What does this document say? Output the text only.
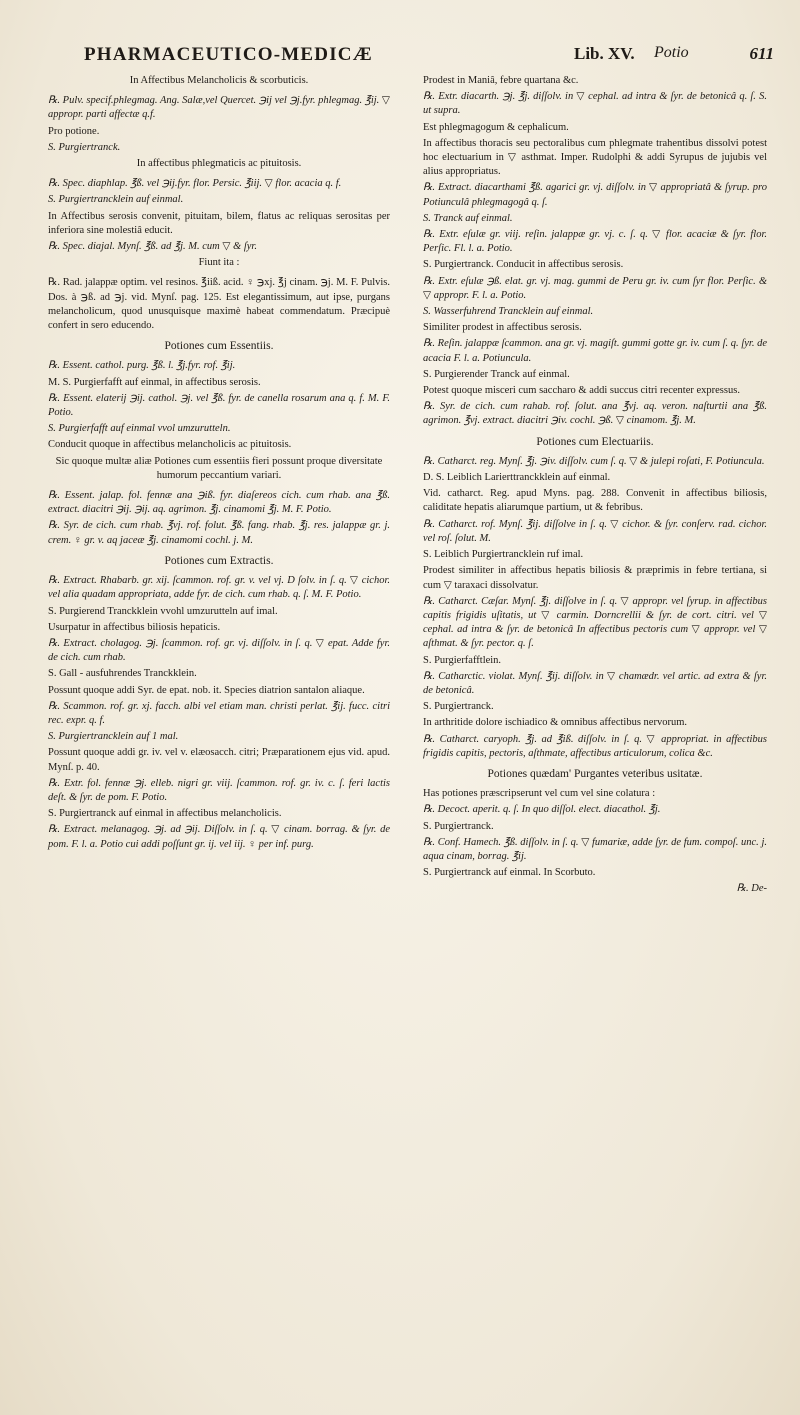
PHARMACEUTICO-MEDICÆ	Lib. XV. Potio	611

In Affectibus Melancholicis & scorbuticis.

℞. Pulv. specif.phlegmag. Ang. Salæ,vel Quercet. ℈ij vel ℈j.fyr. phlegmag. ℥ij. ▽ appropr. parti affectæ q.f.

Pro potione.

S. Purgiertranck.

In affectibus phlegmaticis ac pituitosis.

℞. Spec. diaphlap. ℥ß. vel ℈ij.fyr. flor. Persic. ℥iij. ▽ flor. acacia q. f.

S. Purgiertrancklein auf einmal.

In Affectibus serosis convenit, pituitam, bilem, flatus ac reliquas serositas per inferiora sine molestiâ educit.

℞. Spec. diajal. Mynſ. ℥ß. ad ℥j. M. cum ▽ & ſyr.

Fiunt ita :

℞. Rad. jalappæ optim. vel resinos. ℥iiß. acid. ♀ ℈xj. ℥j cinam. ℈j. M. F. Pulvis. Dos. à ℈ß. ad ℈j. vid. Mynſ. pag. 125. Est elegantissimum, aut ipse, purgans melancholicum, quod unusquisque maximè habeat commendatum. Præcipuè confert in sero educendo.

Potiones cum Essentiis.

℞. Essent. cathol. purg. ℥ß. l. ℥j.fyr. rof. ℥ij.

M. S. Purgierfafft auf einmal, in affectibus serosis.

℞. Essent. elaterij ℈ij. cathol. ℈j. vel ℥ß. fyr. de canella rosarum ana q. f. M. F. Potio.

S. Purgierfafft auf einmal vvol umzurutteln.

Conducit quoque in affectibus melancholicis ac pituitosis.

Sic quoque multæ aliæ Potiones cum essentiis fieri possunt proque diversitate humorum peccantium variari.

℞. Essent. jalap. fol. fennæ ana ℈iß. fyr. diaſereos cich. cum rhab. ana ℥ß. extract. diacitri ℈ij. ℈ij. aq. agrimon. ℥j. cinamomi ℥j. M. F. Potio.

℞. Syr. de cich. cum rhab. ℥vj. rof. folut. ℥ß. fang. rhab. ℥j. res. jalappæ gr. j. crem. ♀ gr. v. aq jaceæ ℥j. cinamomi cochl. j. M.

Potiones cum Extractis.

℞. Extract. Rhabarb. gr. xij. ſcammon. rof. gr. v. vel vj. D ſolv. in ſ. q. ▽ cichor. vel alia quadam appropriata, adde fyr. de cich. cum rhab. q. ſ. M. F. Potio.

S. Purgierend Tranckklein vvohl umzurutteln auf imal.

Usurpatur in affectibus biliosis hepaticis.

℞. Extract. cholagog. ℈j. ſcammon. rof. gr. vj. diſſolv. in ſ. q. ▽ epat. Adde fyr. de cich. cum rhab.

S. Gall - ausfuhrendes Tranckklein.

Possunt quoque addi Syr. de epat. nob. it. Species diatrion santalon aliaque.

℞. Scammon. rof. gr. xj. facch. albi vel etiam man. christi perlat. ℥ij. fucc. citri rec. expr. q. f.

S. Purgiertrancklein auf 1 mal.

Possunt quoque addi gr. iv. vel v. elæosacch. citri; Præparationem ejus vid. apud. Mynſ. p. 40.

℞. Extr. fol. fennæ ℈j. elleb. nigri gr. viij. ſcammon. rof. gr. iv. c. ſ. feri lactis deſt. & ſyr. de pom. F. Potio.

S. Purgiertranck auf einmal in affectibus melancholicis.

℞. Extract. melanagog. ℈j. ad ℈ij. Diſſolv. in ſ. q. ▽ cinam. borrag. & ſyr. de pom. F. l. a. Potio cui addi poſſunt gr. ij. vel iij. ♀ per inf. purg.

Prodest in Maniâ, febre quartana &c.

℞. Extr. diacarth. ℈j. ℥j. diſſolv. in ▽ cephal. ad intra & ſyr. de betonicâ q. ſ. S. ut supra.

Est phlegmagogum & cephalicum.

In affectibus thoracis seu pectoralibus cum phlegmate trahentibus dissolvi potest hoc electuarium in ▽ asthmat. Imper. Rudolphi & addi Syrupus de jujubis vel alius appropriatus.

℞. Extract. diacarthami ℥ß. agarici gr. vj. diſſolv. in ▽ appropriatâ & ſyrup. pro Potiunculâ phlegmagogâ q. ſ.

S. Tranck auf einmal.

℞. Extr. eſulæ gr. viij. reſin. jalappæ gr. vj. c. ſ. q. ▽ flor. acaciæ & ſyr. flor. Perſic. Fl. l. a. Potio.

S. Purgiertranck. Conducit in affectibus serosis.

℞. Extr. eſulæ ℈ß. elat. gr. vj. mag. gummi de Peru gr. iv. cum ſyr flor. Perſic. & ▽ appropr. F. l. a. Potio.

S. Wasserfuhrend Trancklein auf einmal.

Similiter prodest in affectibus serosis.

℞. Reſin. jalappæ ſcammon. ana gr. vj. magiſt. gummi gotte gr. iv. cum ſ. q. ſyr. de acacia F. l. a. Potiuncula.

S. Purgierender Tranck auf einmal.

Potest quoque misceri cum saccharo & addi succus citri recenter expressus.

℞. Syr. de cich. cum rahab. rof. ſolut. ana ℥vj. aq. veron. naſturtii ana ℥ß. agrimon. ℥vj. extract. diacitri ℈iv. cochl. ℈ß. ▽ cinamom. ℥j. M.

Potiones cum Electuariis.

℞. Catharct. reg. Mynſ. ℥j. ℈iv. diſſolv. cum ſ. q. ▽ & julepi roſati, F. Potiuncula.

D. S. Leiblich Larierttranckklein auf einmal.

Vid. catharct. Reg. apud Myns. pag. 288. Convenit in affectibus biliosis, caliditate hepatis aliarumque partium, ut & febribus.

℞. Catharct. rof. Mynſ. ℥ij. diſſolve in ſ. q. ▽ cichor. & ſyr. conſerv. rad. cichor. vel roſ. ſolut. M.

S. Leiblich Purgiertrancklein ruf imal.

Prodest similiter in affectibus hepatis biliosis & præprimis in febre tertiana, si cum ▽ taraxaci dissolvatur.

℞. Catharct. Cæſar. Mynſ. ℥j. diſſolve in ſ. q. ▽ appropr. vel ſyrup. in affectibus capitis frigidis uſitatis, ut ▽ carmin. Dorncrellii & ſyr. de cort. citri. vel ▽ cephal. ad intra & ſyr. de betonicâ In affectibus pectoris cum ▽ appropr. vel ▽ aſthmat. & ſyr. pector. q. ſ.

S. Purgierfafftlein.

℞. Catharctic. violat. Mynſ. ℥ij. diſſolv. in ▽ chamædr. vel artic. ad extra & ſyr. de betonicâ.

S. Purgiertranck.

In arthritide dolore ischiadico & omnibus affectibus nervorum.

℞. Catharct. caryoph. ℥j. ad ℥iß. diſſolv. in ſ. q. ▽ appropriat. in affectibus frigidis capitis, pectoris, aſthmate, affectibus articulorum, colica &c.

Potiones quædam' Purgantes veteribus usitatæ.

Has potiones præscripserunt vel cum vel sine colatura :

℞. Decoct. aperit. q. ſ. In quo diſſol. elect. diacathol. ℥j.

S. Purgiertranck.

℞. Conf. Hamech. ℥ß. diſſolv. in ſ. q. ▽ fumariæ, adde ſyr. de fum. compoſ. unc. j. aqua cinam, borrag. ℥ij.

S. Purgiertranck auf einmal. In Scorbuto.

℞. De-
